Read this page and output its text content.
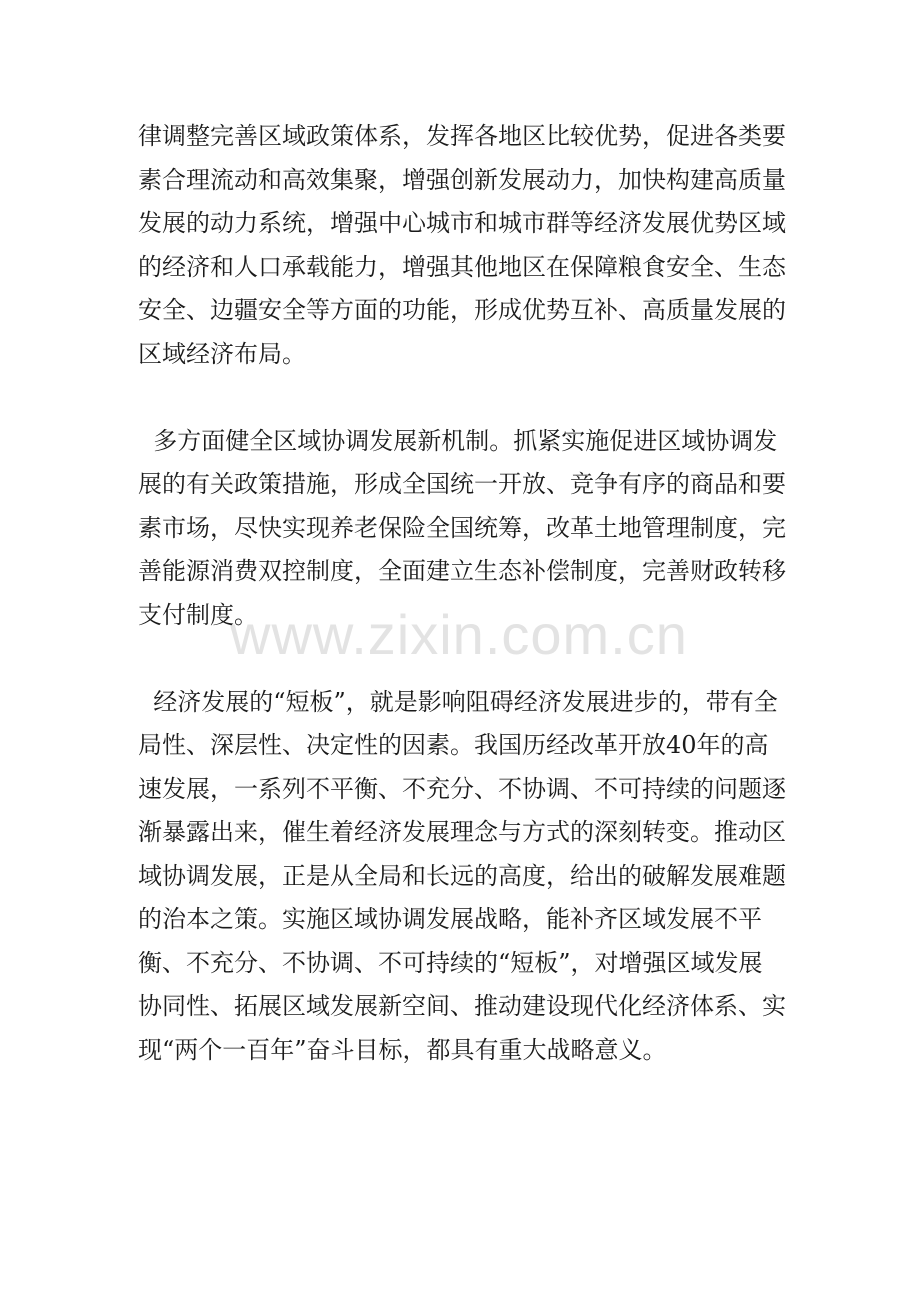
www.zixin.com.cn

律调整完善区域政策体系，发挥各地区比较优势，促进各类要素合理流动和高效集聚，增强创新发展动力，加快构建高质量发展的动力系统，增强中心城市和城市群等经济发展优势区域的经济和人口承载能力，增强其他地区在保障粮食安全、生态安全、边疆安全等方面的功能，形成优势互补、高质量发展的区域经济布局。

多方面健全区域协调发展新机制。抓紧实施促进区域协调发展的有关政策措施，形成全国统一开放、竞争有序的商品和要素市场，尽快实现养老保险全国统筹，改革土地管理制度，完善能源消费双控制度，全面建立生态补偿制度，完善财政转移支付制度。

经济发展的“短板”，就是影响阻碍经济发展进步的，带有全局性、深层性、决定性的因素。我国历经改革开放40年的高速发展，一系列不平衡、不充分、不协调、不可持续的问题逐渐暴露出来，催生着经济发展理念与方式的深刻转变。推动区域协调发展，正是从全局和长远的高度，给出的破解发展难题的治本之策。实施区域协调发展战略，能补齐区域发展不平衡、不充分、不协调、不可持续的“短板”，对增强区域发展协同性、拓展区域发展新空间、推动建设现代化经济体系、实现“两个一百年”奋斗目标，都具有重大战略意义。
